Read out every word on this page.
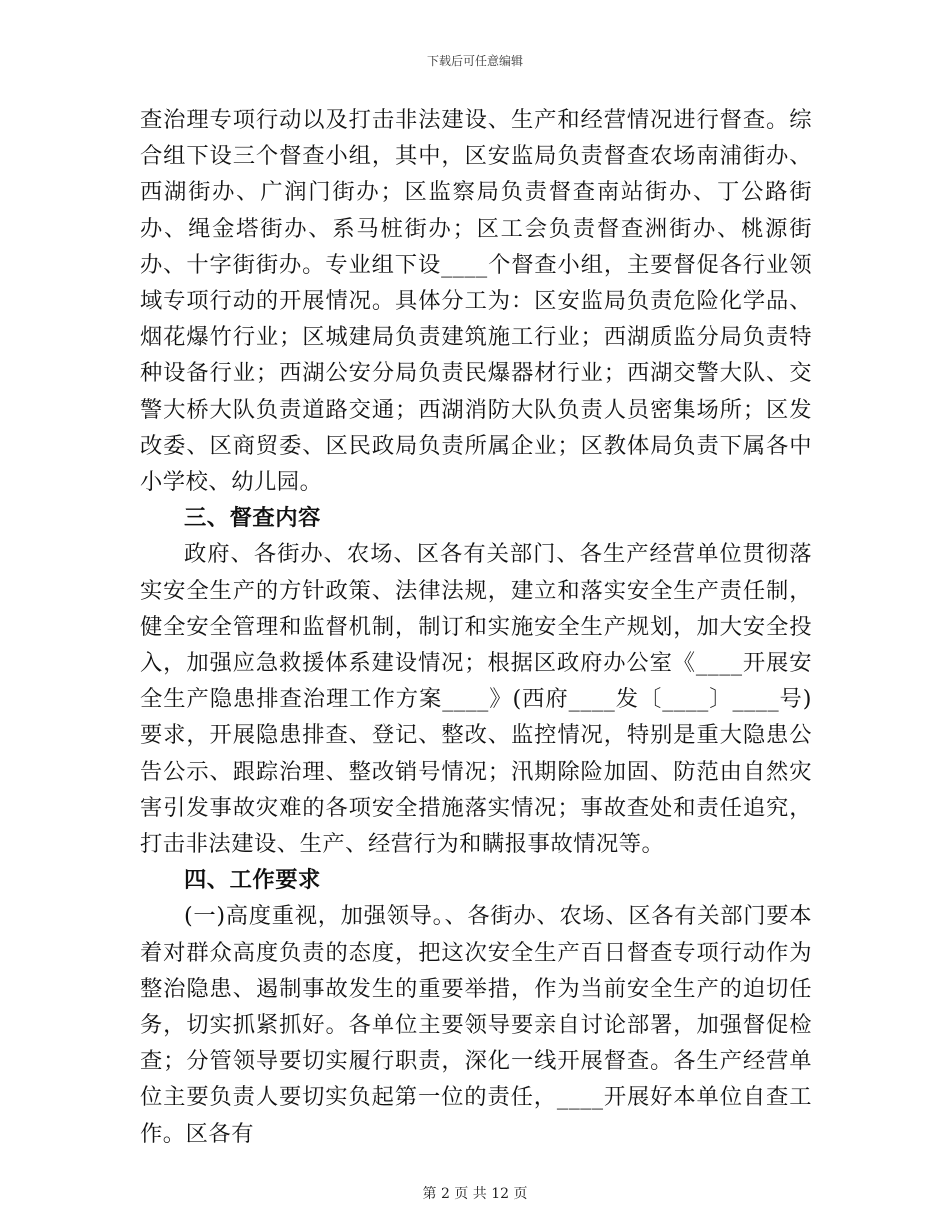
下载后可任意编辑

查治理专项行动以及打击非法建设、生产和经营情况进行督查。综合组下设三个督查小组，其中，区安监局负责督查农场南浦街办、西湖街办、广润门街办；区监察局负责督查南站街办、丁公路街办、绳金塔街办、系马桩街办；区工会负责督查洲街办、桃源街办、十字街街办。专业组下设____个督查小组，主要督促各行业领域专项行动的开展情况。具体分工为：区安监局负责危险化学品、烟花爆竹行业；区城建局负责建筑施工行业；西湖质监分局负责特种设备行业；西湖公安分局负责民爆器材行业；西湖交警大队、交警大桥大队负责道路交通；西湖消防大队负责人员密集场所；区发改委、区商贸委、区民政局负责所属企业；区教体局负责下属各中小学校、幼儿园。

三、督查内容

政府、各街办、农场、区各有关部门、各生产经营单位贯彻落实安全生产的方针政策、法律法规，建立和落实安全生产责任制，健全安全管理和监督机制，制订和实施安全生产规划，加大安全投入，加强应急救援体系建设情况；根据区政府办公室《____开展安全生产隐患排查治理工作方案____》(西府____发〔____〕____号)要求，开展隐患排查、登记、整改、监控情况，特别是重大隐患公告公示、跟踪治理、整改销号情况；汛期除险加固、防范由自然灾害引发事故灾难的各项安全措施落实情况；事故查处和责任追究，打击非法建设、生产、经营行为和瞒报事故情况等。

四、工作要求

(一)高度重视，加强领导。、各街办、农场、区各有关部门要本着对群众高度负责的态度，把这次安全生产百日督查专项行动作为整治隐患、遏制事故发生的重要举措，作为当前安全生产的迫切任务，切实抓紧抓好。各单位主要领导要亲自讨论部署，加强督促检查；分管领导要切实履行职责，深化一线开展督查。各生产经营单位主要负责人要切实负起第一位的责任，____开展好本单位自查工作。区各有

第 2 页 共 12 页
